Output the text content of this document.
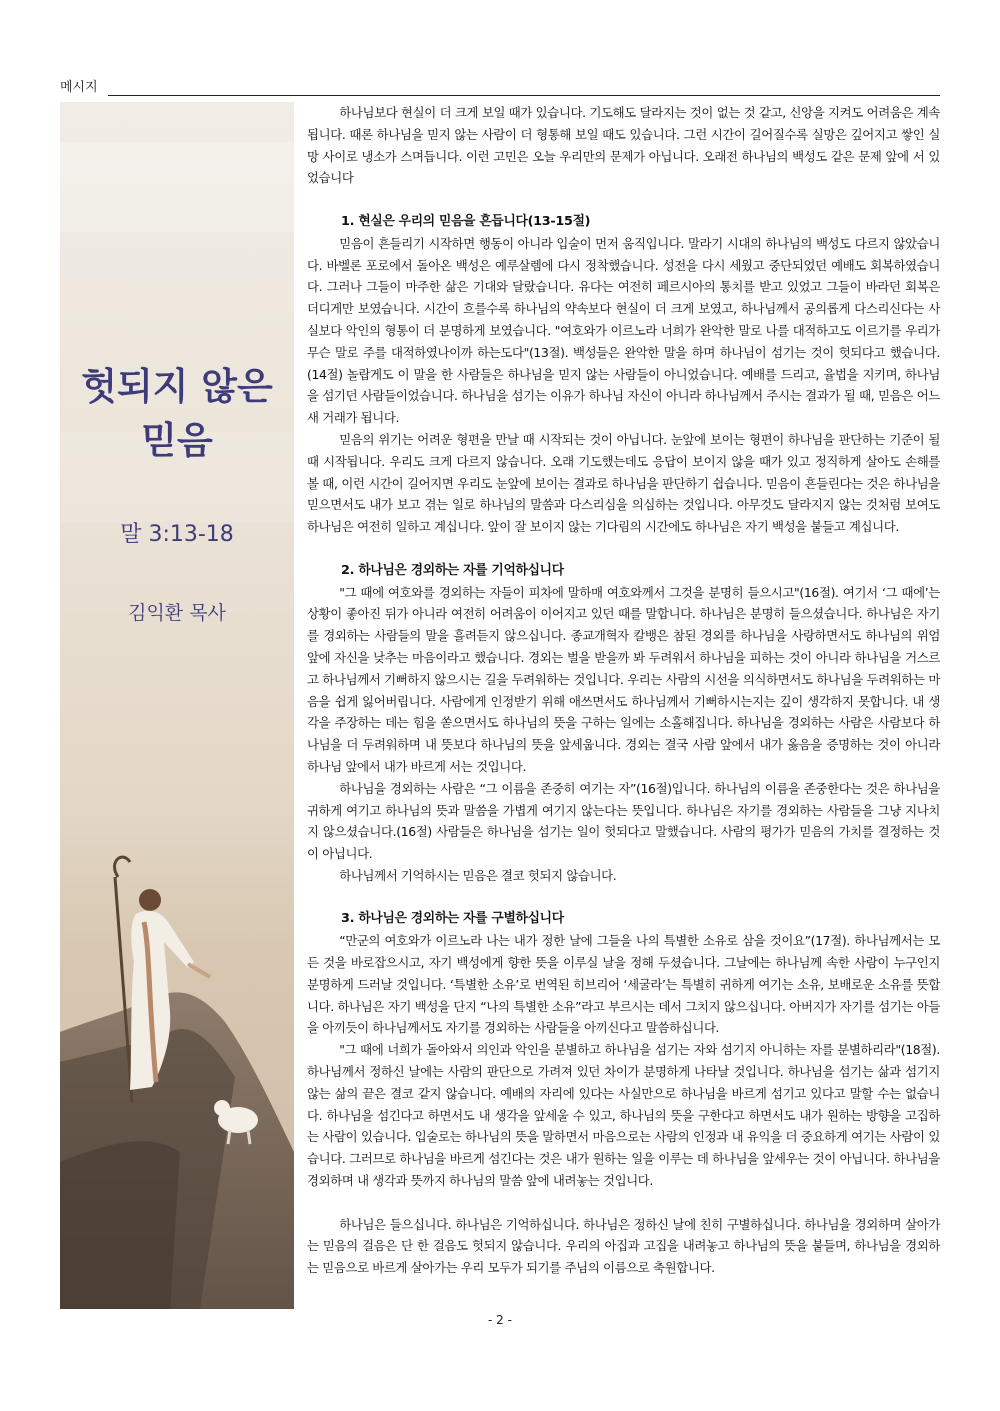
메시지
헛되지 않은
믿음
말 3:13-18
김익환 목사

하나님보다 현실이 더 크게 보일 때가 있습니다. 기도해도 달라지는 것이 없는 것 같고, 신앙을 지켜도 어려움은 계속됩니다. 때론 하나님을 믿지 않는 사람이 더 형통해 보일 때도 있습니다. 그런 시간이 길어질수록 실망은 깊어지고 쌓인 실망 사이로 냉소가 스며듭니다. 이런 고민은 오늘 우리만의 문제가 아닙니다. 오래전 하나님의 백성도 같은 문제 앞에 서 있었습니다

1. 현실은 우리의 믿음을 흔듭니다(13-15절)

믿음이 흔들리기 시작하면 행동이 아니라 입술이 먼저 움직입니다. 말라기 시대의 하나님의 백성도 다르지 않았습니다. 바벨론 포로에서 돌아온 백성은 예루살렘에 다시 정착했습니다. 성전을 다시 세웠고 중단되었던 예배도 회복하였습니다. 그러나 그들이 마주한 삶은 기대와 달랐습니다. 유다는 여전히 페르시아의 통치를 받고 있었고 그들이 바라던 회복은 더디게만 보였습니다. 시간이 흐를수록 하나님의 약속보다 현실이 더 크게 보였고, 하나님께서 공의롭게 다스리신다는 사실보다 악인의 형통이 더 분명하게 보였습니다. "여호와가 이르노라 너희가 완악한 말로 나를 대적하고도 이르기를 우리가 무슨 말로 주를 대적하였나이까 하는도다"(13절). 백성들은 완악한 말을 하며 하나님이 섬기는 것이 헛되다고 했습니다.(14절) 놀랍게도 이 말을 한 사람들은 하나님을 믿지 않는 사람들이 아니었습니다. 예배를 드리고, 율법을 지키며, 하나님을 섬기던 사람들이었습니다. 하나님을 섬기는 이유가 하나님 자신이 아니라 하나님께서 주시는 결과가 될 때, 믿음은 어느새 거래가 됩니다.

믿음의 위기는 어려운 형편을 만날 때 시작되는 것이 아닙니다. 눈앞에 보이는 형편이 하나님을 판단하는 기준이 될 때 시작됩니다. 우리도 크게 다르지 않습니다. 오래 기도했는데도 응답이 보이지 않을 때가 있고 정직하게 살아도 손해를 볼 때, 이런 시간이 길어지면 우리도 눈앞에 보이는 결과로 하나님을 판단하기 쉽습니다. 믿음이 흔들린다는 것은 하나님을 믿으면서도 내가 보고 겪는 일로 하나님의 말씀과 다스리심을 의심하는 것입니다. 아무것도 달라지지 않는 것처럼 보여도 하나님은 여전히 일하고 계십니다. 앞이 잘 보이지 않는 기다림의 시간에도 하나님은 자기 백성을 붙들고 계십니다.

2. 하나님은 경외하는 자를 기억하십니다

"그 때에 여호와를 경외하는 자들이 피차에 말하매 여호와께서 그것을 분명히 들으시고"(16절). 여기서 ‘그 때에’는 상황이 좋아진 뒤가 아니라 여전히 어려움이 이어지고 있던 때를 말합니다. 하나님은 분명히 들으셨습니다. 하나님은 자기를 경외하는 사람들의 말을 흘려듣지 않으십니다. 종교개혁자 칼뱅은 참된 경외를 하나님을 사랑하면서도 하나님의 위엄 앞에 자신을 낮추는 마음이라고 했습니다. 경외는 벌을 받을까 봐 두려워서 하나님을 피하는 것이 아니라 하나님을 거스르고 하나님께서 기뻐하지 않으시는 길을 두려워하는 것입니다. 우리는 사람의 시선을 의식하면서도 하나님을 두려워하는 마음을 쉽게 잃어버립니다. 사람에게 인정받기 위해 애쓰면서도 하나님께서 기뻐하시는지는 깊이 생각하지 못합니다. 내 생각을 주장하는 데는 힘을 쏟으면서도 하나님의 뜻을 구하는 일에는 소홀해집니다. 하나님을 경외하는 사람은 사람보다 하나님을 더 두려워하며 내 뜻보다 하나님의 뜻을 앞세웁니다. 경외는 결국 사람 앞에서 내가 옳음을 증명하는 것이 아니라 하나님 앞에서 내가 바르게 서는 것입니다.

하나님을 경외하는 사람은 “그 이름을 존중히 여기는 자”(16절)입니다. 하나님의 이름을 존중한다는 것은 하나님을 귀하게 여기고 하나님의 뜻과 말씀을 가볍게 여기지 않는다는 뜻입니다. 하나님은 자기를 경외하는 사람들을 그냥 지나치지 않으셨습니다.(16절) 사람들은 하나님을 섬기는 일이 헛되다고 말했습니다. 사람의 평가가 믿음의 가치를 결정하는 것이 아닙니다.

하나님께서 기억하시는 믿음은 결코 헛되지 않습니다.

3. 하나님은 경외하는 자를 구별하십니다

“만군의 여호와가 이르노라 나는 내가 정한 날에 그들을 나의 특별한 소유로 삼을 것이요”(17절). 하나님께서는 모든 것을 바로잡으시고, 자기 백성에게 향한 뜻을 이루실 날을 정해 두셨습니다. 그날에는 하나님께 속한 사람이 누구인지 분명하게 드러날 것입니다. ‘특별한 소유’로 번역된 히브리어 ‘세굴라’는 특별히 귀하게 여기는 소유, 보배로운 소유를 뜻합니다. 하나님은 자기 백성을 단지 “나의 특별한 소유”라고 부르시는 데서 그치지 않으십니다. 아버지가 자기를 섬기는 아들을 아끼듯이 하나님께서도 자기를 경외하는 사람들을 아끼신다고 말씀하십니다.

"그 때에 너희가 돌아와서 의인과 악인을 분별하고 하나님을 섬기는 자와 섬기지 아니하는 자를 분별하리라"(18절). 하나님께서 정하신 날에는 사람의 판단으로 가려져 있던 차이가 분명하게 나타날 것입니다. 하나님을 섬기는 삶과 섬기지 않는 삶의 끝은 결코 같지 않습니다. 예배의 자리에 있다는 사실만으로 하나님을 바르게 섬기고 있다고 말할 수는 없습니다. 하나님을 섬긴다고 하면서도 내 생각을 앞세울 수 있고, 하나님의 뜻을 구한다고 하면서도 내가 원하는 방향을 고집하는 사람이 있습니다. 입술로는 하나님의 뜻을 말하면서 마음으로는 사람의 인정과 내 유익을 더 중요하게 여기는 사람이 있습니다. 그러므로 하나님을 바르게 섬긴다는 것은 내가 원하는 일을 이루는 데 하나님을 앞세우는 것이 아닙니다. 하나님을 경외하며 내 생각과 뜻까지 하나님의 말씀 앞에 내려놓는 것입니다.

하나님은 들으십니다. 하나님은 기억하십니다. 하나님은 정하신 날에 친히 구별하십니다. 하나님을 경외하며 살아가는 믿음의 걸음은 단 한 걸음도 헛되지 않습니다. 우리의 아집과 고집을 내려놓고 하나님의 뜻을 붙들며, 하나님을 경외하는 믿음으로 바르게 살아가는 우리 모두가 되기를 주님의 이름으로 축원합니다.

- 2 -
